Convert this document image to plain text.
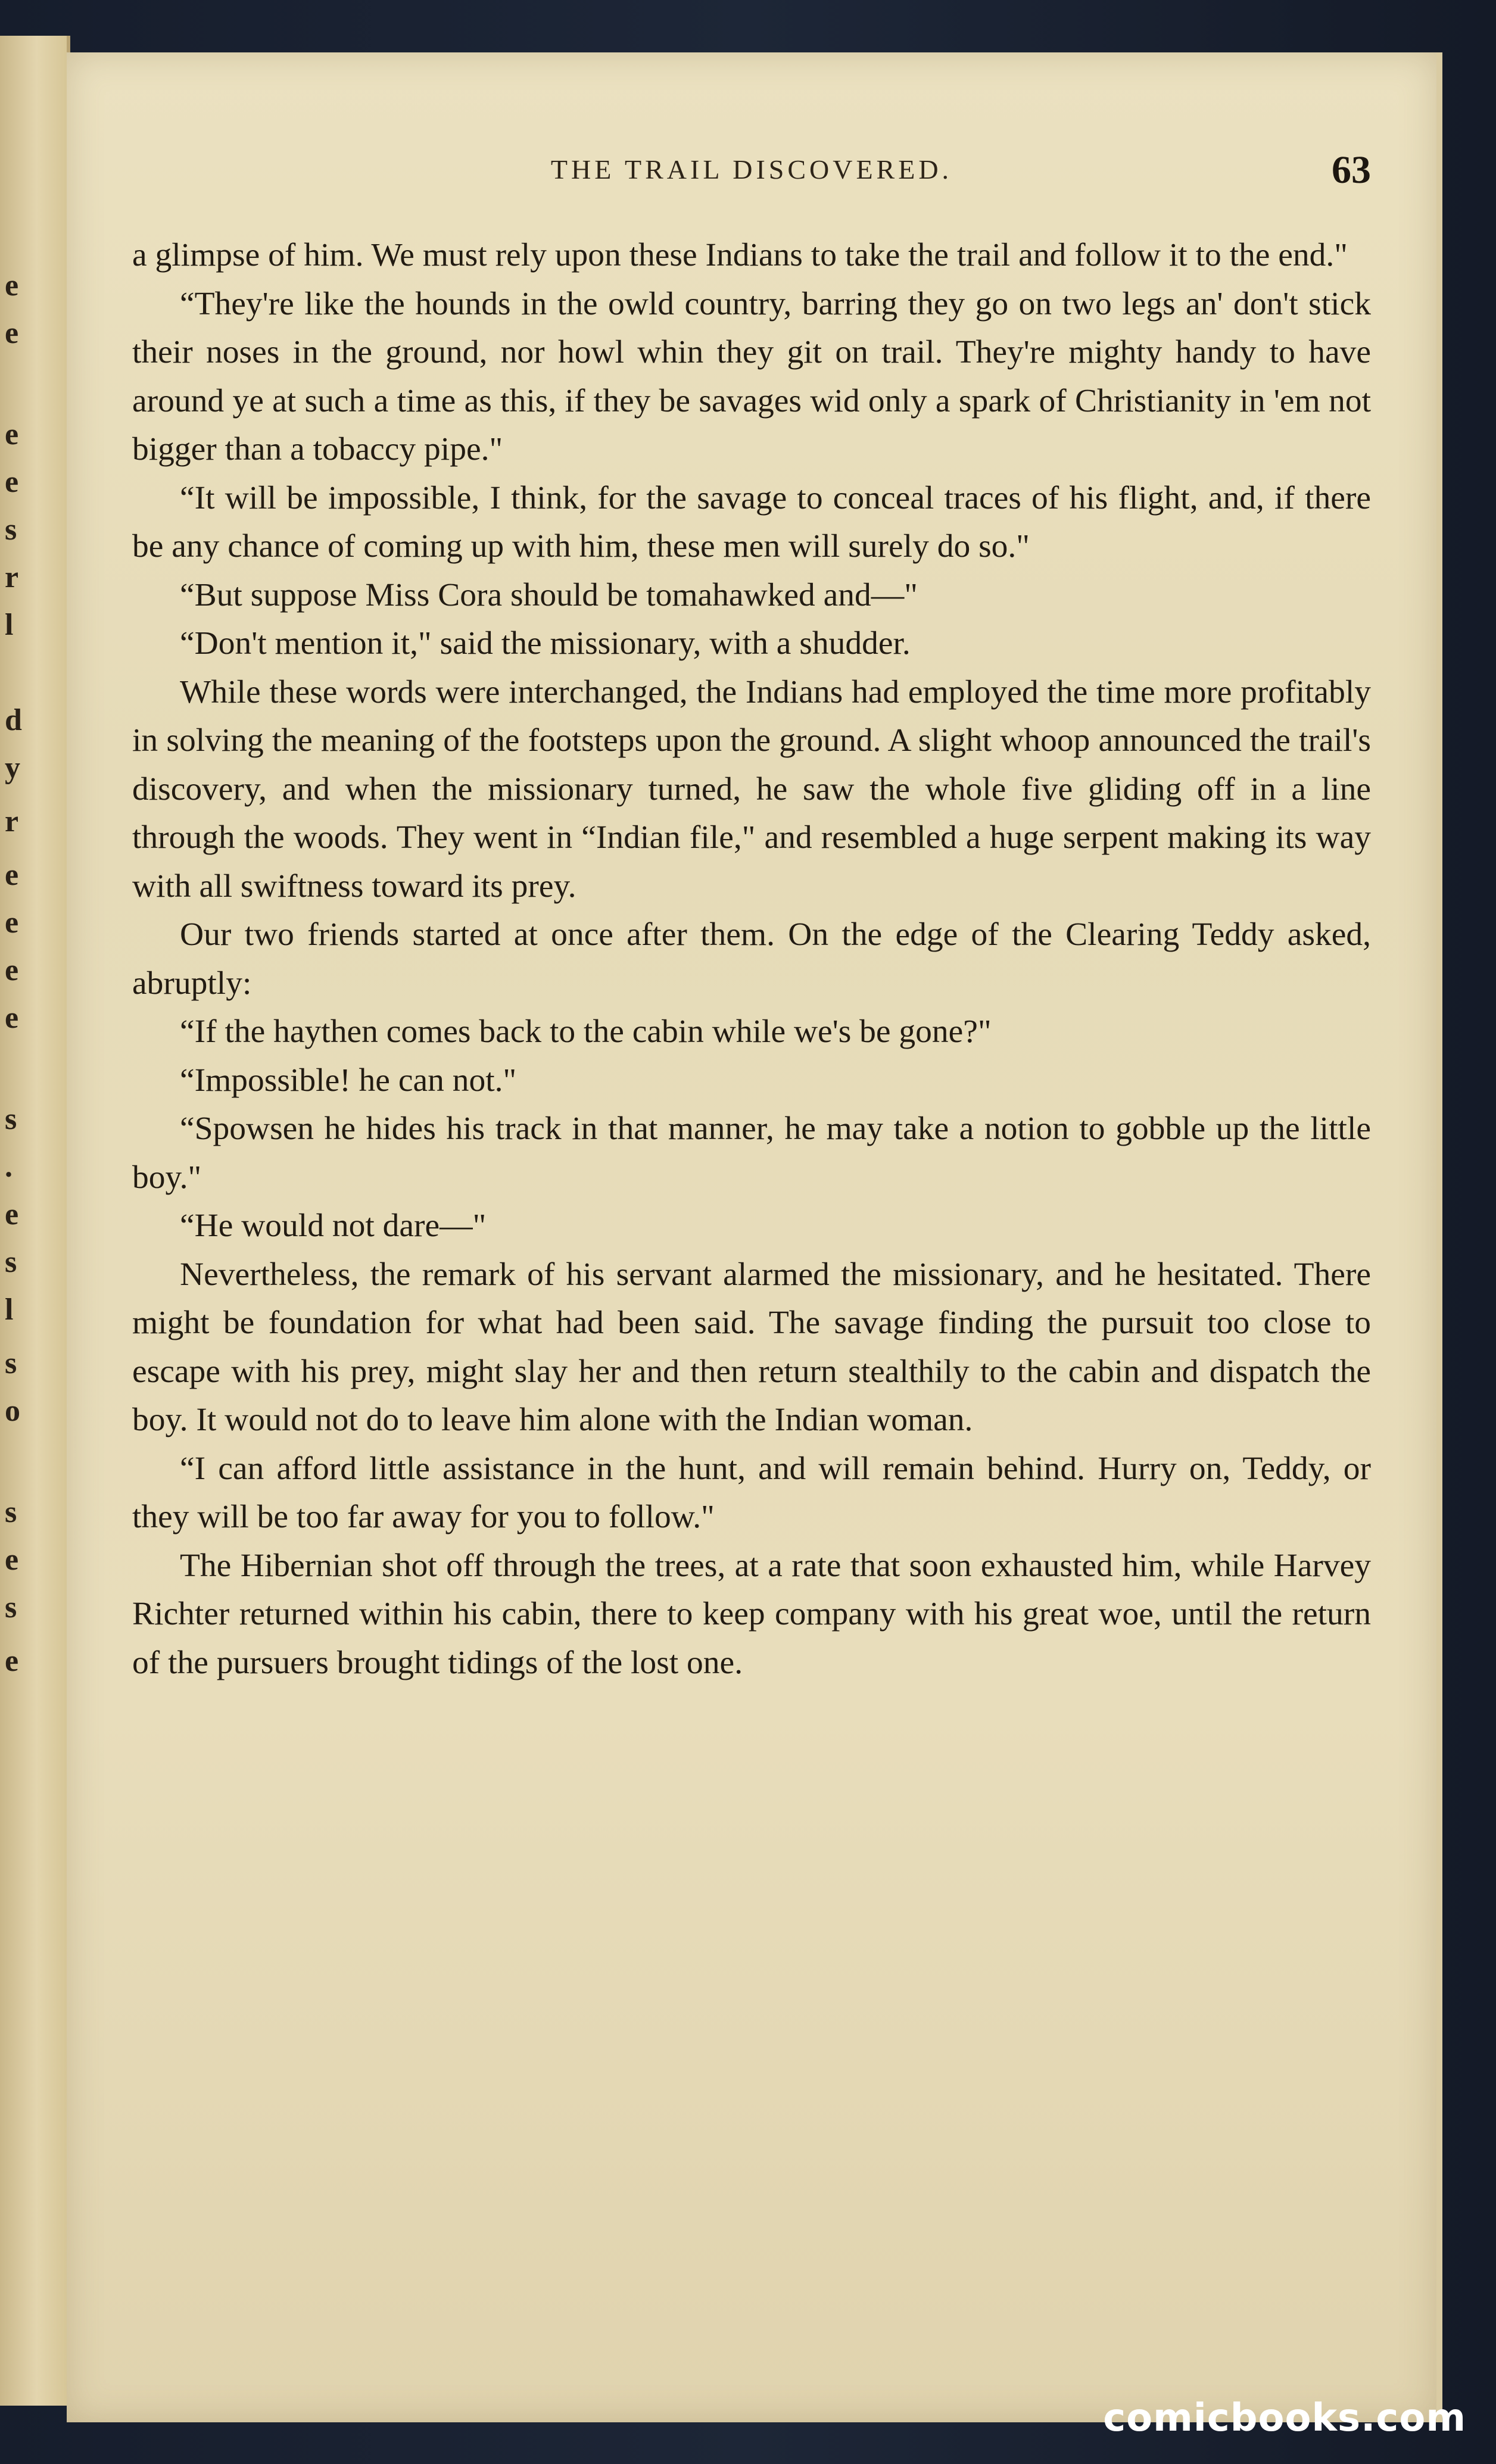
e
e
e
e
s
r
l
d
y
r
e
e
e
e
s
.
e
s
l
s
o
s
e
s
e
THE TRAIL DISCOVERED.	63

a glimpse of him. We must rely upon these Indians to take the trail and follow it to the end."

“They're like the hounds in the owld country, barring they go on two legs an' don't stick their noses in the ground, nor howl whin they git on trail. They're mighty handy to have around ye at such a time as this, if they be savages wid only a spark of Christianity in 'em not bigger than a tobaccy pipe."

“It will be impossible, I think, for the savage to conceal traces of his flight, and, if there be any chance of coming up with him, these men will surely do so."

“But suppose Miss Cora should be tomahawked and—"

“Don't mention it," said the missionary, with a shudder.

While these words were interchanged, the Indians had employed the time more profitably in solving the meaning of the footsteps upon the ground. A slight whoop announced the trail's discovery, and when the missionary turned, he saw the whole five gliding off in a line through the woods. They went in “Indian file," and resembled a huge serpent making its way with all swiftness toward its prey.

Our two friends started at once after them. On the edge of the Clearing Teddy asked, abruptly:

“If the haythen comes back to the cabin while we's be gone?"

“Impossible! he can not."

“Spowsen he hides his track in that manner, he may take a notion to gobble up the little boy."

“He would not dare—"

Nevertheless, the remark of his servant alarmed the missionary, and he hesitated. There might be foundation for what had been said. The savage finding the pursuit too close to escape with his prey, might slay her and then return stealthily to the cabin and dispatch the boy. It would not do to leave him alone with the Indian woman.

“I can afford little assistance in the hunt, and will remain behind. Hurry on, Teddy, or they will be too far away for you to follow."

The Hibernian shot off through the trees, at a rate that soon exhausted him, while Harvey Richter returned within his cabin, there to keep company with his great woe, until the return of the pursuers brought tidings of the lost one.

comicbooks.com
